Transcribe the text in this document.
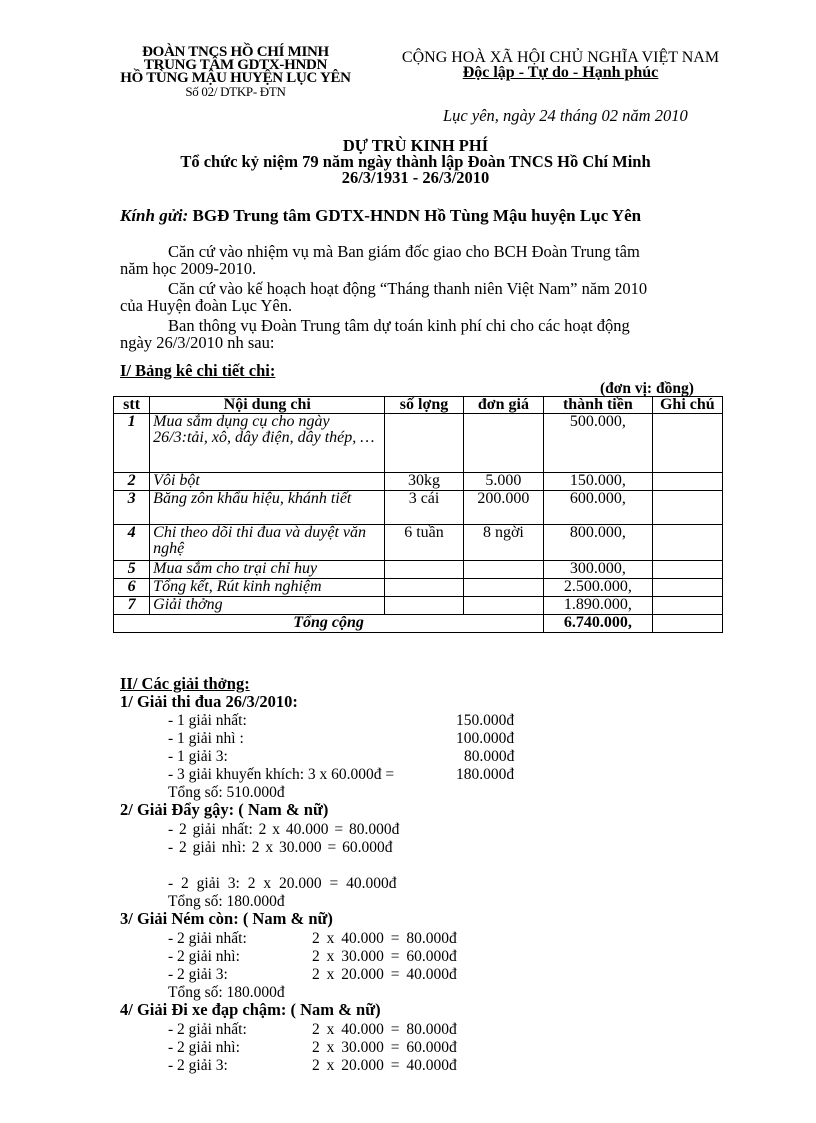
ĐOÀN TNCS HỒ CHÍ MINH
TRUNG TÂM GDTX-HNDN
HỒ TÙNG MẬU HUYỆN LỤC YÊN
Số 02/ DTKP- ĐTN
CỘNG HOÀ XÃ HỘI CHỦ NGHĨA VIỆT NAM
Độc lập - Tự do - Hạnh phúc
Lục yên, ngày 24 tháng 02 năm 2010
DỰ TRÙ KINH PHÍ
Tổ chức kỷ niệm 79 năm ngày thành lập Đoàn TNCS Hồ Chí Minh
26/3/1931 - 26/3/2010
Kính gửi: BGĐ Trung tâm GDTX-HNDN Hồ Tùng Mậu huyện Lục Yên
Căn cứ vào nhiệm vụ mà Ban giám đốc giao cho BCH Đoàn Trung tâm
năm học 2009-2010.
Căn cứ vào kế hoạch hoạt động “Tháng thanh niên Việt Nam” năm 2010
của Huyện đoàn Lục Yên.
Ban thông vụ Đoàn Trung tâm dự toán kinh phí chi cho các hoạt động
ngày 26/3/2010 nh sau:
I/ Bảng kê chi tiết chi:
(đơn vị: đồng)
stt	Nội dung chi	số lợng	đơn giá	thành tiền	Ghi chú
1	Mua sắm dụng cụ cho ngày 26/3:tải, xô, dây điện, dây thép, …			500.000,	
2	Vôi bột	30kg	5.000	150.000,	
3	Băng zôn khẩu hiệu, khánh tiết	3 cái	200.000	600.000,	
4	Chi theo dõi thi đua và duyệt văn nghệ	6 tuần	8 ngời	800.000,	
5	Mua sắm cho trại chỉ huy			300.000,	
6	Tổng kết, Rút kinh nghiệm			2.500.000,	
7	Giải thởng			1.890.000,	
Tổng cộng				6.740.000,	
II/ Các giải thởng:
1/ Giải thi đua 26/3/2010:
- 1 giải nhất:	150.000đ
- 1 giải nhì :	100.000đ
- 1 giải 3:	80.000đ
- 3 giải khuyến khích: 3 x 60.000đ =	180.000đ
Tổng số: 510.000đ
2/ Giải Đẩy gậy: ( Nam & nữ)
- 2 giải nhất: 2 x 40.000 = 80.000đ
- 2 giải nhì: 2 x 30.000 = 60.000đ
- 2 giải 3: 2 x 20.000 = 40.000đ
Tổng số: 180.000đ
3/ Giải Ném còn: ( Nam & nữ)
- 2 giải nhất:	2 x 40.000 = 80.000đ
- 2 giải nhì:	2 x 30.000 = 60.000đ
- 2 giải 3:	2 x 20.000 = 40.000đ
Tổng số: 180.000đ
4/ Giải Đi xe đạp chậm: ( Nam & nữ)
- 2 giải nhất:	2 x 40.000 = 80.000đ
- 2 giải nhì:	2 x 30.000 = 60.000đ
- 2 giải 3:	2 x 20.000 = 40.000đ
